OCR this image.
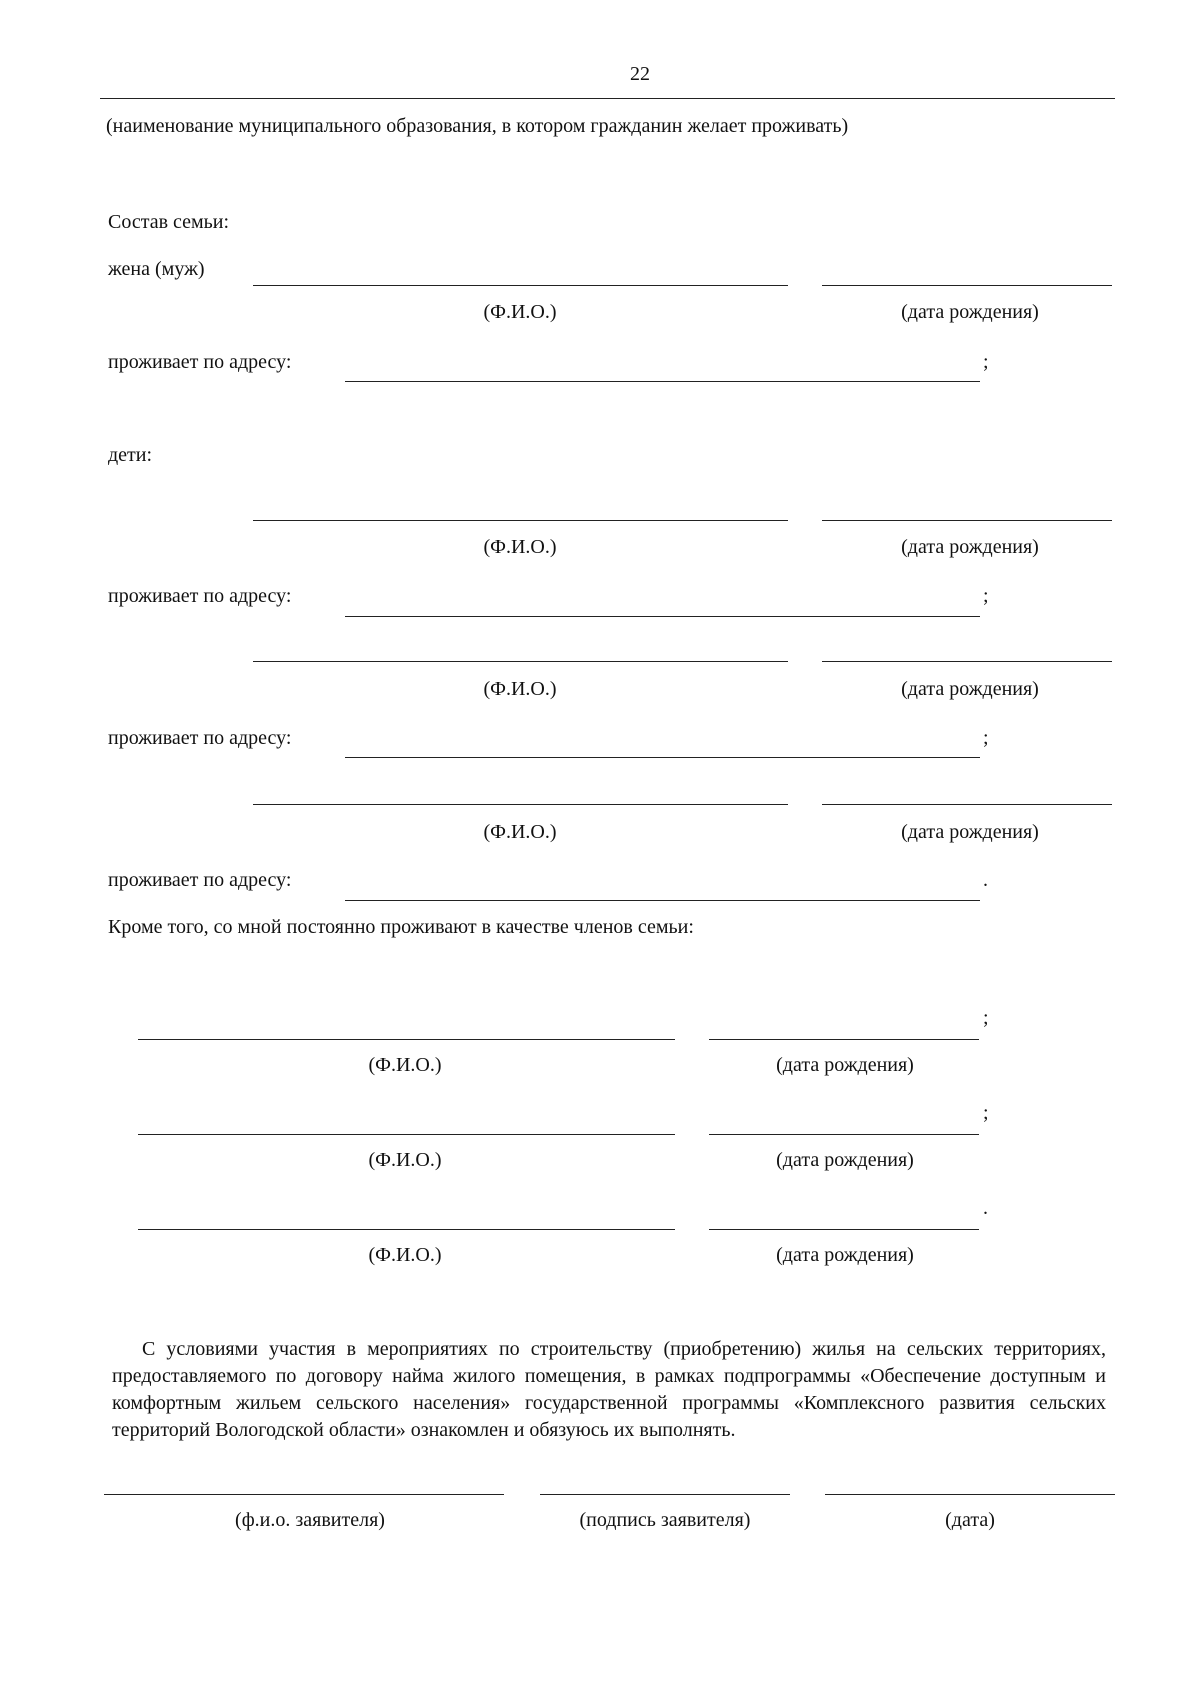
22
(наименование муниципального образования, в котором гражданин желает проживать)
Состав семьи:
жена (муж)
(Ф.И.О.)	(дата рождения)
проживает по адресу:	;
дети:
(Ф.И.О.)	(дата рождения)
проживает по адресу:	;
(Ф.И.О.)	(дата рождения)
проживает по адресу:	;
(Ф.И.О.)	(дата рождения)
проживает по адресу:	.
Кроме того, со мной постоянно проживают в качестве членов семьи:
;
(Ф.И.О.)	(дата рождения)
;
(Ф.И.О.)	(дата рождения)
.
(Ф.И.О.)	(дата рождения)
С условиями участия в мероприятиях по строительству (приобретению) жилья на сельских территориях, предоставляемого по договору найма жилого помещения, в рамках подпрограммы «Обеспечение доступным и комфортным жильем сельского населения» государственной программы «Комплексного развития сельских территорий Вологодской области» ознакомлен и обязуюсь их выполнять.
(ф.и.о. заявителя)	(подпись заявителя)	(дата)
